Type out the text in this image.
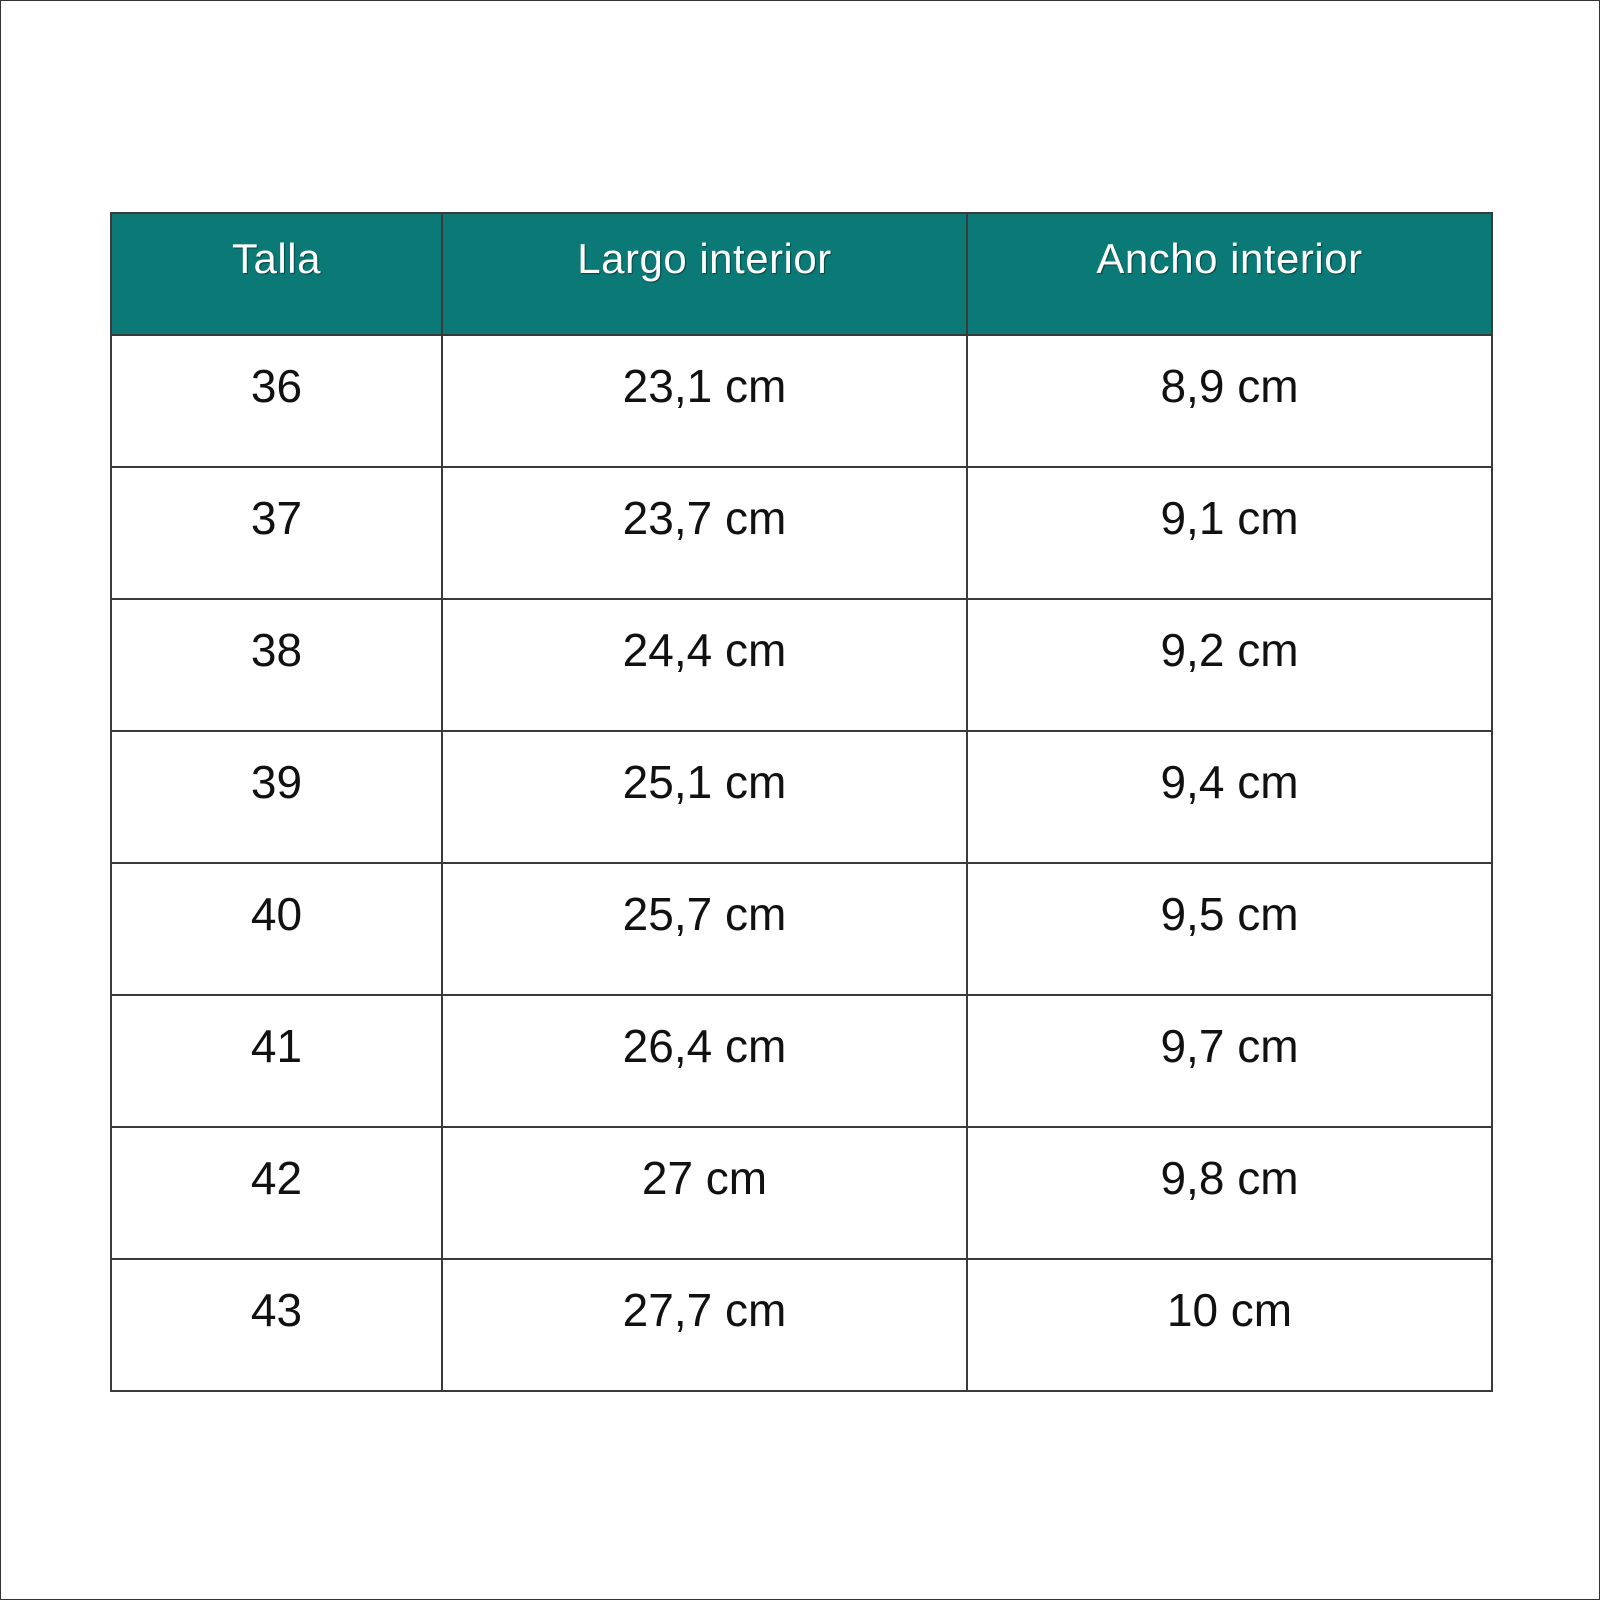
Talla	Largo interior	Ancho interior
36	23,1 cm	8,9 cm
37	23,7 cm	9,1 cm
38	24,4 cm	9,2 cm
39	25,1 cm	9,4 cm
40	25,7 cm	9,5 cm
41	26,4 cm	9,7 cm
42	27 cm	9,8 cm
43	27,7 cm	10 cm
